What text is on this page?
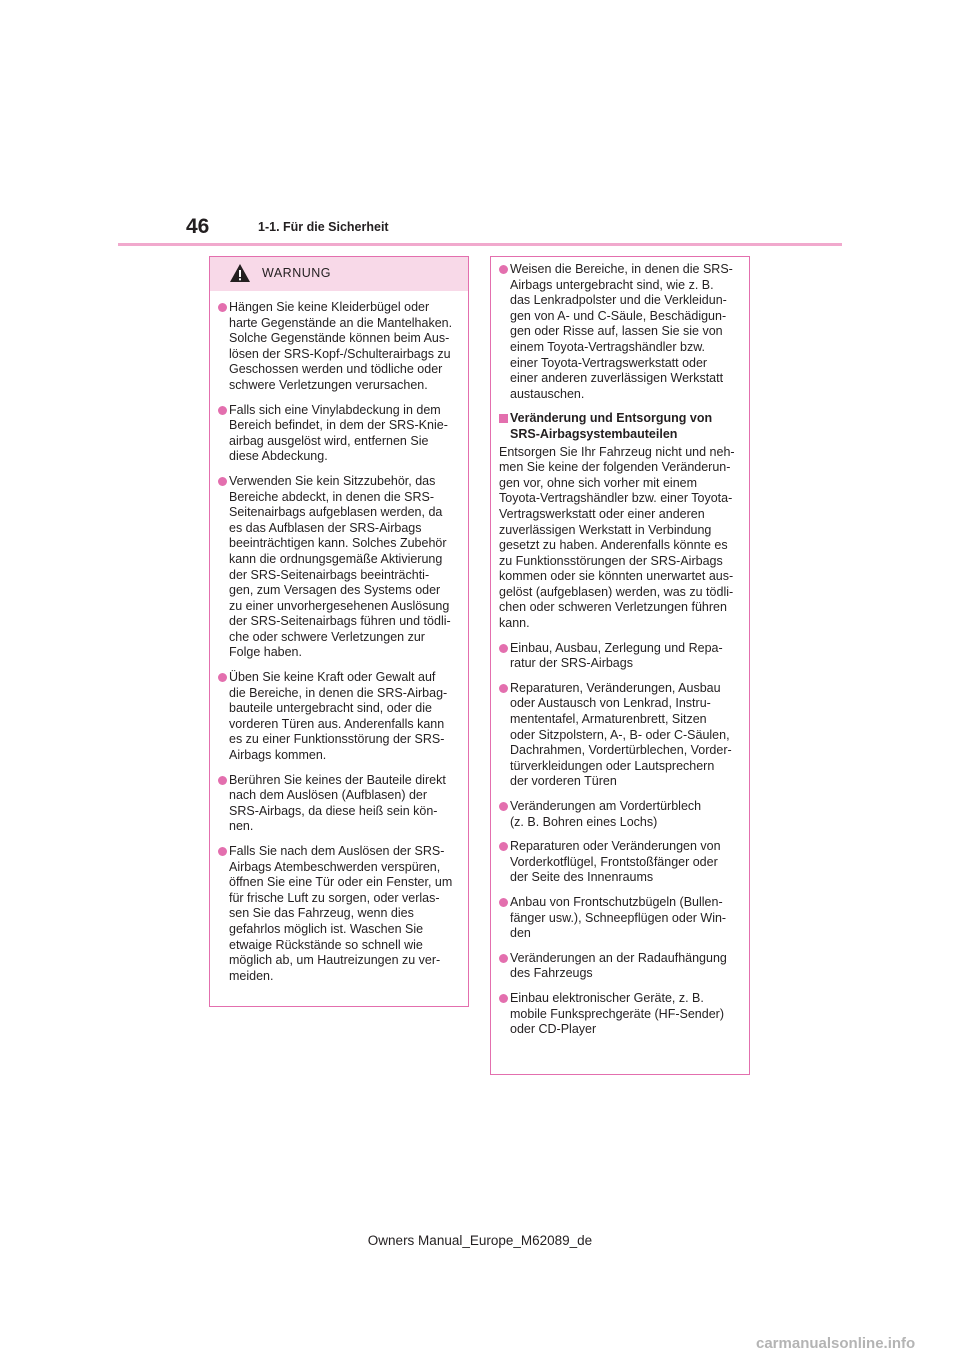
46	1-1. Für die Sicherheit
WARNUNG
Hängen Sie keine Kleiderbügel oder
harte Gegenstände an die Mantelhaken.
Solche Gegenstände können beim Aus-
lösen der SRS-Kopf-/Schulterairbags zu
Geschossen werden und tödliche oder
schwere Verletzungen verursachen.
Falls sich eine Vinylabdeckung in dem
Bereich befindet, in dem der SRS-Knie-
airbag ausgelöst wird, entfernen Sie
diese Abdeckung.
Verwenden Sie kein Sitzzubehör, das
Bereiche abdeckt, in denen die SRS-
Seitenairbags aufgeblasen werden, da
es das Aufblasen der SRS-Airbags
beeinträchtigen kann. Solches Zubehör
kann die ordnungsgemäße Aktivierung
der SRS-Seitenairbags beeinträchti-
gen, zum Versagen des Systems oder
zu einer unvorhergesehenen Auslösung
der SRS-Seitenairbags führen und tödli-
che oder schwere Verletzungen zur
Folge haben.
Üben Sie keine Kraft oder Gewalt auf
die Bereiche, in denen die SRS-Airbag-
bauteile untergebracht sind, oder die
vorderen Türen aus. Anderenfalls kann
es zu einer Funktionsstörung der SRS-
Airbags kommen.
Berühren Sie keines der Bauteile direkt
nach dem Auslösen (Aufblasen) der
SRS-Airbags, da diese heiß sein kön-
nen.
Falls Sie nach dem Auslösen der SRS-
Airbags Atembeschwerden verspüren,
öffnen Sie eine Tür oder ein Fenster, um
für frische Luft zu sorgen, oder verlas-
sen Sie das Fahrzeug, wenn dies
gefahrlos möglich ist. Waschen Sie
etwaige Rückstände so schnell wie
möglich ab, um Hautreizungen zu ver-
meiden.
Weisen die Bereiche, in denen die SRS-
Airbags untergebracht sind, wie z. B.
das Lenkradpolster und die Verkleidun-
gen von A- und C-Säule, Beschädigun-
gen oder Risse auf, lassen Sie sie von
einem Toyota-Vertragshändler bzw.
einer Toyota-Vertragswerkstatt oder
einer anderen zuverlässigen Werkstatt
austauschen.
Veränderung und Entsorgung von
SRS-Airbagsystembauteilen
Entsorgen Sie Ihr Fahrzeug nicht und neh-
men Sie keine der folgenden Veränderun-
gen vor, ohne sich vorher mit einem
Toyota-Vertragshändler bzw. einer Toyota-
Vertragswerkstatt oder einer anderen
zuverlässigen Werkstatt in Verbindung
gesetzt zu haben. Anderenfalls könnte es
zu Funktionsstörungen der SRS-Airbags
kommen oder sie könnten unerwartet aus-
gelöst (aufgeblasen) werden, was zu tödli-
chen oder schweren Verletzungen führen
kann.
Einbau, Ausbau, Zerlegung und Repa-
ratur der SRS-Airbags
Reparaturen, Veränderungen, Ausbau
oder Austausch von Lenkrad, Instru-
mententafel, Armaturenbrett, Sitzen
oder Sitzpolstern, A-, B- oder C-Säulen,
Dachrahmen, Vordertürblechen, Vorder-
türverkleidungen oder Lautsprechern
der vorderen Türen
Veränderungen am Vordertürblech
(z. B. Bohren eines Lochs)
Reparaturen oder Veränderungen von
Vorderkotflügel, Frontstoßfänger oder
der Seite des Innenraums
Anbau von Frontschutzbügeln (Bullen-
fänger usw.), Schneepflügen oder Win-
den
Veränderungen an der Radaufhängung
des Fahrzeugs
Einbau elektronischer Geräte, z. B.
mobile Funksprechgeräte (HF-Sender)
oder CD-Player
Owners Manual_Europe_M62089_de
carmanualsonline.info
